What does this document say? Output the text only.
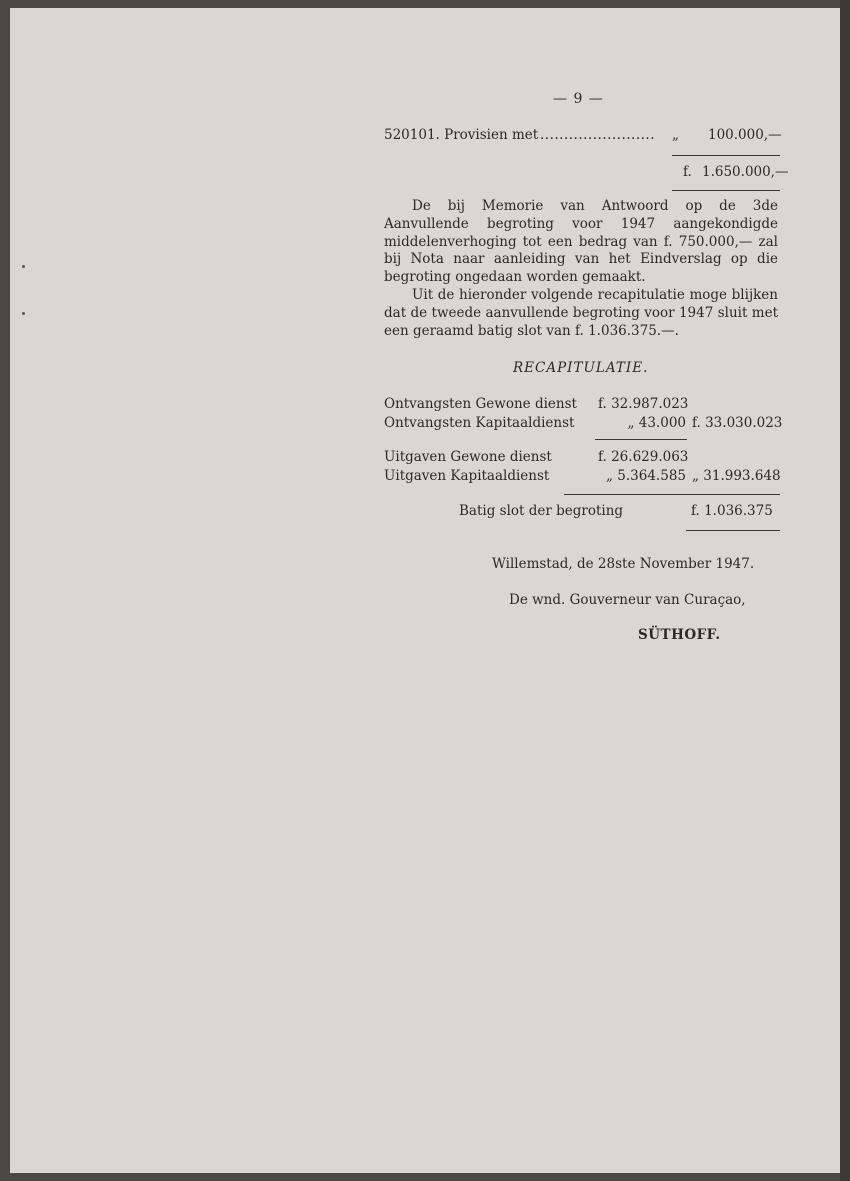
— 9 —
520101. Provisien met ........................ „ 100.000,—
f. 1.650.000,—
De bij Memorie van Antwoord op de 3de Aanvullende begroting voor 1947 aangekondigde middelenverhoging tot een bedrag van f. 750.000,— zal bij Nota naar aanleiding van het Eindverslag op die begroting ongedaan worden gemaakt.
Uit de hieronder volgende recapitulatie moge blijken dat de tweede aanvullende begroting voor 1947 sluit met een geraamd batig slot van f. 1.036.375.—.
RECAPITULATIE.
Ontvangsten Gewone dienst f. 32.987.023
Ontvangsten Kapitaaldienst	„ 43.000 f. 33.030.023
Uitgaven Gewone dienst	f. 26.629.063
Uitgaven Kapitaaldienst	„ 5.364.585 „ 31.993.648
Batig slot der begroting	f. 1.036.375
Willemstad, de 28ste November 1947.
De wnd. Gouverneur van Curaçao,
SÜTHOFF.
